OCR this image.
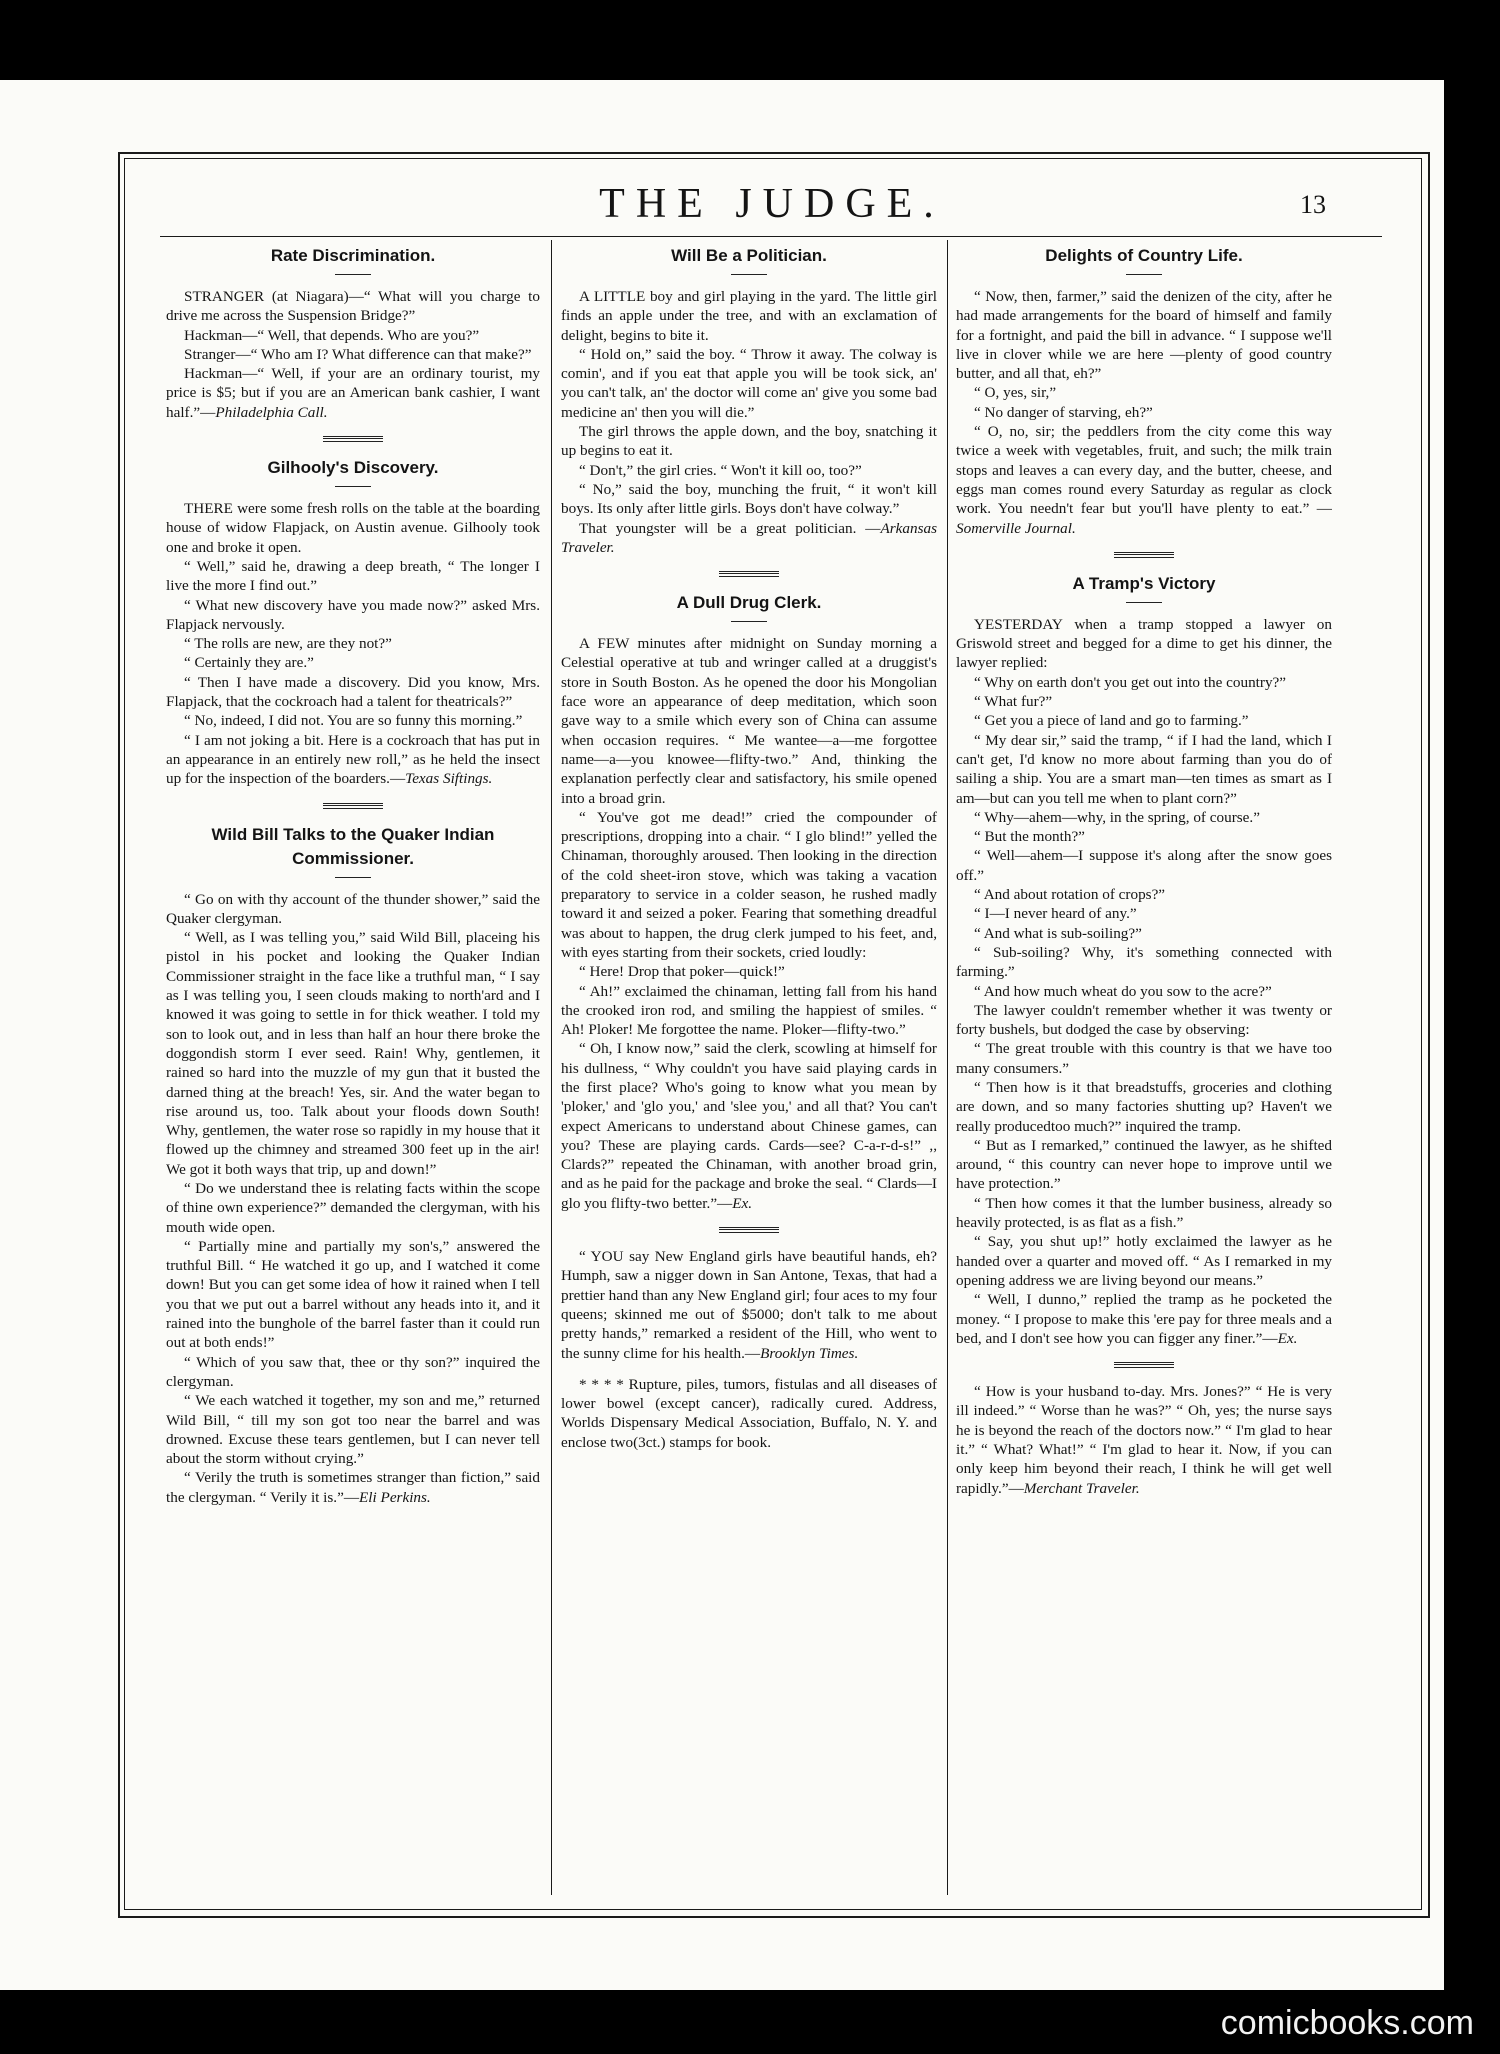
THE JUDGE.	13
Rate Discrimination.

STRANGER (at Niagara)—“ What will you charge to drive me across the Suspension Bridge?”

Hackman—“ Well, that depends. Who are you?”

Stranger—“ Who am I? What difference can that make?”

Hackman—“ Well, if your are an ordinary tourist, my price is $5; but if you are an American bank cashier, I want half.”—Philadelphia Call.

Gilhooly's Discovery.

THERE were some fresh rolls on the table at the boarding house of widow Flapjack, on Austin avenue. Gilhooly took one and broke it open.

“ Well,” said he, drawing a deep breath, “ The longer I live the more I find out.”

“ What new discovery have you made now?” asked Mrs. Flapjack nervously.

“ The rolls are new, are they not?”

“ Certainly they are.”

“ Then I have made a discovery. Did you know, Mrs. Flapjack, that the cockroach had a talent for theatricals?”

“ No, indeed, I did not. You are so funny this morning.”

“ I am not joking a bit. Here is a cockroach that has put in an appearance in an entirely new roll,” as he held the insect up for the inspection of the boarders.—Texas Siftings.

Wild Bill Talks to the Quaker Indian Commissioner.

“ Go on with thy account of the thunder shower,” said the Quaker clergyman.

“ Well, as I was telling you,” said Wild Bill, placeing his pistol in his pocket and looking the Quaker Indian Commissioner straight in the face like a truthful man, “ I say as I was telling you, I seen clouds making to north'ard and I knowed it was going to settle in for thick weather. I told my son to look out, and in less than half an hour there broke the doggondish storm I ever seed. Rain! Why, gentlemen, it rained so hard into the muzzle of my gun that it busted the darned thing at the breach! Yes, sir. And the water began to rise around us, too. Talk about your floods down South! Why, gentlemen, the water rose so rapidly in my house that it flowed up the chimney and streamed 300 feet up in the air! We got it both ways that trip, up and down!”

“ Do we understand thee is relating facts within the scope of thine own experience?” demanded the clergyman, with his mouth wide open.

“ Partially mine and partially my son's,” answered the truthful Bill. “ He watched it go up, and I watched it come down! But you can get some idea of how it rained when I tell you that we put out a barrel without any heads into it, and it rained into the bunghole of the barrel faster than it could run out at both ends!”

“ Which of you saw that, thee or thy son?” inquired the clergyman.

“ We each watched it together, my son and me,” returned Wild Bill, “ till my son got too near the barrel and was drowned. Excuse these tears gentlemen, but I can never tell about the storm without crying.”

“ Verily the truth is sometimes stranger than fiction,” said the clergyman. “ Verily it is.”—Eli Perkins.

Will Be a Politician.

A LITTLE boy and girl playing in the yard. The little girl finds an apple under the tree, and with an exclamation of delight, begins to bite it.

“ Hold on,” said the boy. “ Throw it away. The colway is comin', and if you eat that apple you will be took sick, an' you can't talk, an' the doctor will come an' give you some bad medicine an' then you will die.”

The girl throws the apple down, and the boy, snatching it up begins to eat it.

“ Don't,” the girl cries. “ Won't it kill oo, too?”

“ No,” said the boy, munching the fruit, “ it won't kill boys. Its only after little girls. Boys don't have colway.”

That youngster will be a great politician. —Arkansas Traveler.

A Dull Drug Clerk.

A FEW minutes after midnight on Sunday morning a Celestial operative at tub and wringer called at a druggist's store in South Boston. As he opened the door his Mongolian face wore an appearance of deep meditation, which soon gave way to a smile which every son of China can assume when occasion requires. “ Me wantee—a—me forgottee name—a—you knowee—flifty-two.” And, thinking the explanation perfectly clear and satisfactory, his smile opened into a broad grin.

“ You've got me dead!” cried the compounder of prescriptions, dropping into a chair. “ I glo blind!” yelled the Chinaman, thoroughly aroused. Then looking in the direction of the cold sheet-iron stove, which was taking a vacation preparatory to service in a colder season, he rushed madly toward it and seized a poker. Fearing that something dreadful was about to happen, the drug clerk jumped to his feet, and, with eyes starting from their sockets, cried loudly:

“ Here! Drop that poker—quick!”

“ Ah!” exclaimed the chinaman, letting fall from his hand the crooked iron rod, and smiling the happiest of smiles. “ Ah! Ploker! Me forgottee the name. Ploker—flifty-two.”

“ Oh, I know now,” said the clerk, scowling at himself for his dullness, “ Why couldn't you have said playing cards in the first place? Who's going to know what you mean by 'ploker,' and 'glo you,' and 'slee you,' and all that? You can't expect Americans to understand about Chinese games, can you? These are playing cards. Cards—see? C-a-r-d-s!” ,, Clards?” repeated the Chinaman, with another broad grin, and as he paid for the package and broke the seal. “ Clards—I glo you flifty-two better.”—Ex.

“ YOU say New England girls have beautiful hands, eh? Humph, saw a nigger down in San Antone, Texas, that had a prettier hand than any New England girl; four aces to my four queens; skinned me out of $5000; don't talk to me about pretty hands,” remarked a resident of the Hill, who went to the sunny clime for his health.—Brooklyn Times.

* * * * Rupture, piles, tumors, fistulas and all diseases of lower bowel (except cancer), radically cured. Address, Worlds Dispensary Medical Association, Buffalo, N. Y. and enclose two(3ct.) stamps for book.

Delights of Country Life.

“ Now, then, farmer,” said the denizen of the city, after he had made arrangements for the board of himself and family for a fortnight, and paid the bill in advance. “ I suppose we'll live in clover while we are here —plenty of good country butter, and all that, eh?”

“ O, yes, sir,”

“ No danger of starving, eh?”

“ O, no, sir; the peddlers from the city come this way twice a week with vegetables, fruit, and such; the milk train stops and leaves a can every day, and the butter, cheese, and eggs man comes round every Saturday as regular as clock work. You needn't fear but you'll have plenty to eat.” —Somerville Journal.

A Tramp's Victory

YESTERDAY when a tramp stopped a lawyer on Griswold street and begged for a dime to get his dinner, the lawyer replied:

“ Why on earth don't you get out into the country?”

“ What fur?”

“ Get you a piece of land and go to farming.”

“ My dear sir,” said the tramp, “ if I had the land, which I can't get, I'd know no more about farming than you do of sailing a ship. You are a smart man—ten times as smart as I am—but can you tell me when to plant corn?”

“ Why—ahem—why, in the spring, of course.”

“ But the month?”

“ Well—ahem—I suppose it's along after the snow goes off.”

“ And about rotation of crops?”

“ I—I never heard of any.”

“ And what is sub-soiling?”

“ Sub-soiling? Why, it's something connected with farming.”

“ And how much wheat do you sow to the acre?”

The lawyer couldn't remember whether it was twenty or forty bushels, but dodged the case by observing:

“ The great trouble with this country is that we have too many consumers.”

“ Then how is it that breadstuffs, groceries and clothing are down, and so many factories shutting up? Haven't we really producedtoo much?” inquired the tramp.

“ But as I remarked,” continued the lawyer, as he shifted around, “ this country can never hope to improve until we have protection.”

“ Then how comes it that the lumber business, already so heavily protected, is as flat as a fish.”

“ Say, you shut up!” hotly exclaimed the lawyer as he handed over a quarter and moved off. “ As I remarked in my opening address we are living beyond our means.”

“ Well, I dunno,” replied the tramp as he pocketed the money. “ I propose to make this 'ere pay for three meals and a bed, and I don't see how you can figger any finer.”—Ex.

“ How is your husband to-day. Mrs. Jones?” “ He is very ill indeed.” “ Worse than he was?” “ Oh, yes; the nurse says he is beyond the reach of the doctors now.” “ I'm glad to hear it.” “ What? What!” “ I'm glad to hear it. Now, if you can only keep him beyond their reach, I think he will get well rapidly.”—Merchant Traveler.

comicbooks.com
